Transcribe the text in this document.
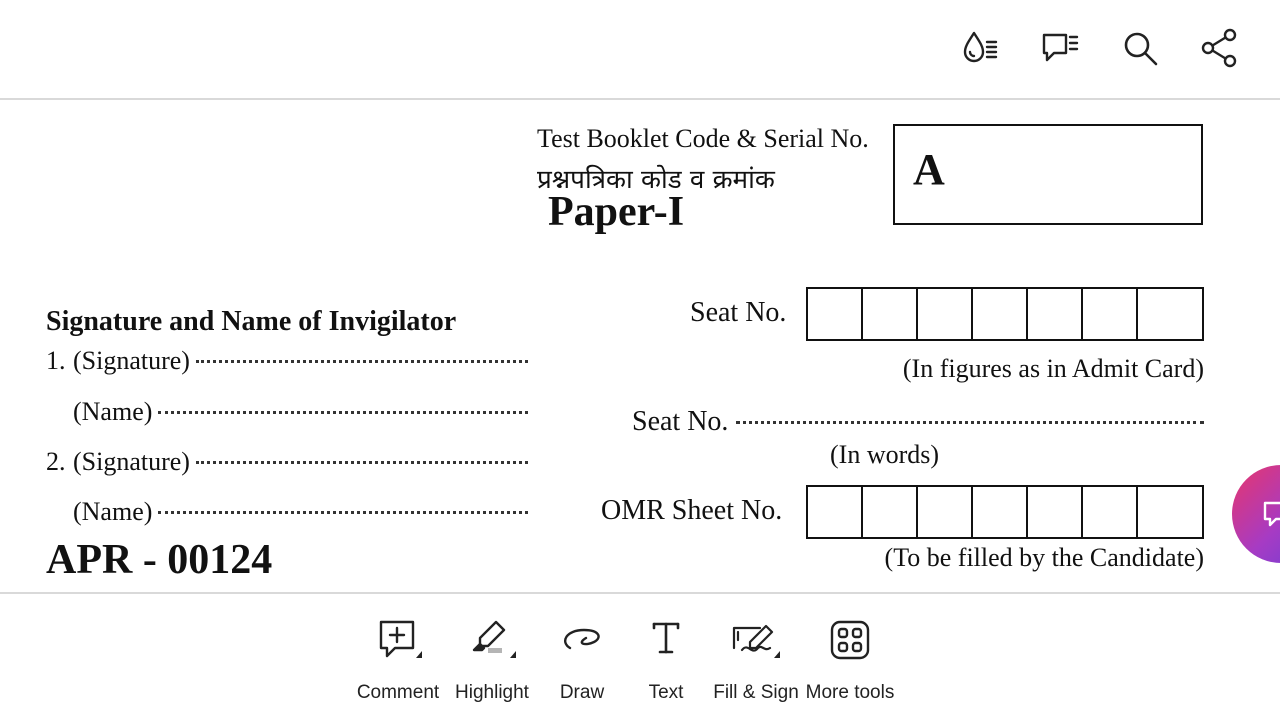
Test Booklet Code & Serial No.
प्रश्नपत्रिका कोड व क्रमांक
Paper-I
A
Signature and Name of Invigilator
1. (Signature)
(Name)
2. (Signature)
(Name)
APR - 00124
Seat No.
(In figures as in Admit Card)
Seat No.
(In words)
OMR Sheet No.
(To be filled by the Candidate)
Comment Highlight Draw Text Fill & Sign More tools
